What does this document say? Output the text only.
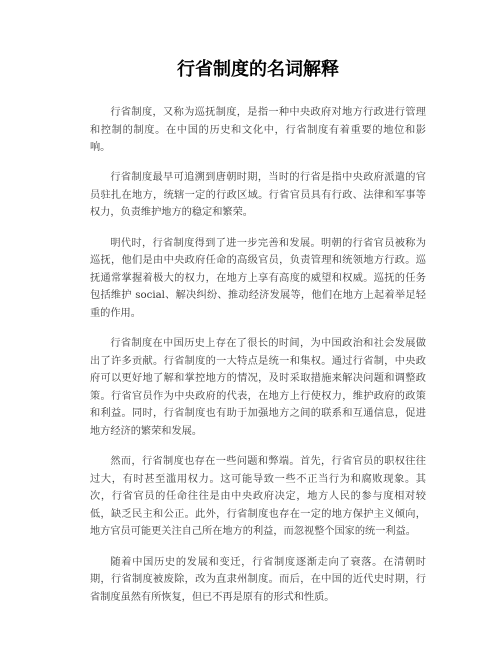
行省制度的名词解释

行省制度，又称为巡抚制度，是指一种中央政府对地方行政进行管理和控制的制度。在中国的历史和文化中，行省制度有着重要的地位和影响。

行省制度最早可追溯到唐朝时期，当时的行省是指中央政府派遣的官员驻扎在地方，统辖一定的行政区域。行省官员具有行政、法律和军事等权力，负责维护地方的稳定和繁荣。

明代时，行省制度得到了进一步完善和发展。明朝的行省官员被称为巡抚，他们是由中央政府任命的高级官员，负责管理和统领地方行政。巡抚通常掌握着极大的权力，在地方上享有高度的威望和权威。巡抚的任务包括维护 social、解决纠纷、推动经济发展等，他们在地方上起着举足轻重的作用。

行省制度在中国历史上存在了很长的时间，为中国政治和社会发展做出了许多贡献。行省制度的一大特点是统一和集权。通过行省制，中央政府可以更好地了解和掌控地方的情况，及时采取措施来解决问题和调整政策。行省官员作为中央政府的代表，在地方上行使权力，维护政府的政策和利益。同时，行省制度也有助于加强地方之间的联系和互通信息，促进地方经济的繁荣和发展。

然而，行省制度也存在一些问题和弊端。首先，行省官员的职权往往过大，有时甚至滥用权力。这可能导致一些不正当行为和腐败现象。其次，行省官员的任命往往是由中央政府决定，地方人民的参与度相对较低，缺乏民主和公正。此外，行省制度也存在一定的地方保护主义倾向，地方官员可能更关注自己所在地方的利益，而忽视整个国家的统一利益。

随着中国历史的发展和变迁，行省制度逐渐走向了衰落。在清朝时期，行省制度被废除，改为直隶州制度。而后，在中国的近代史时期，行省制度虽然有所恢复，但已不再是原有的形式和性质。
